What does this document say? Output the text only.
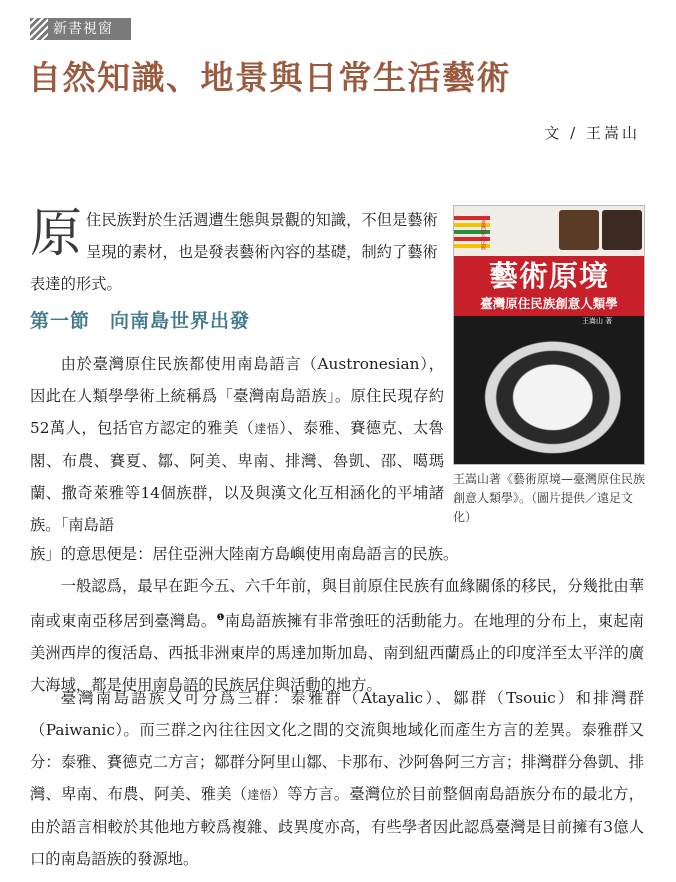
新書視窗
自然知識、地景與日常生活藝術
文 / 王嵩山

原住民族對於生活週遭生態與景觀的知識，不但是藝術呈現的素材，也是發表藝術內容的基礎，制約了藝術表達的形式。

第一節　向南島世界出發

由於臺灣原住民族都使用南島語言（Austronesian），因此在人類學學術上統稱爲「臺灣南島語族」。原住民現存約52萬人，包括官方認定的雅美（達悟）、泰雅、賽德克、太魯閣、布農、賽夏、鄒、阿美、卑南、排灣、魯凱、邵、噶瑪蘭、撒奇萊雅等14個族群，以及與漢文化互相涵化的平埔諸族。「南島語

族」的意思便是：居住亞洲大陸南方島嶼使用南島語言的民族。

一般認爲，最早在距今五、六千年前，與目前原住民族有血緣關係的移民，分幾批由華南或東南亞移居到臺灣島。$^❶$南島語族擁有非常強旺的活動能力。在地理的分布上，東起南美洲西岸的復活島、西抵非洲東岸的馬達加斯加島、南到紐西蘭爲止的印度洋至太平洋的廣大海域，都是使用南島語的民族居住與活動的地方。

臺灣南島語族又可分爲三群：泰雅群（Atayalic）、鄒群（Tsouic）和排灣群（Paiwanic）。而三群之內往往因文化之間的交流與地域化而產生方言的差異。泰雅群又分：泰雅、賽德克二方言；鄒群分阿里山鄒、卡那布、沙阿魯阿三方言；排灣群分魯凱、排灣、卑南、布農、阿美、雅美（達悟）等方言。臺灣位於目前整個南島語族分布的最北方，由於語言相較於其他地方較爲複雜、歧異度亦高，有些學者因此認爲臺灣是目前擁有3億人口的南島語族的發源地。

臺灣原住民族
藝術原境
臺灣原住民族創意人類學
王嵩山 著

王嵩山著《藝術原境—臺灣原住民族創意人類學》。（圖片提供／遠足文化）
